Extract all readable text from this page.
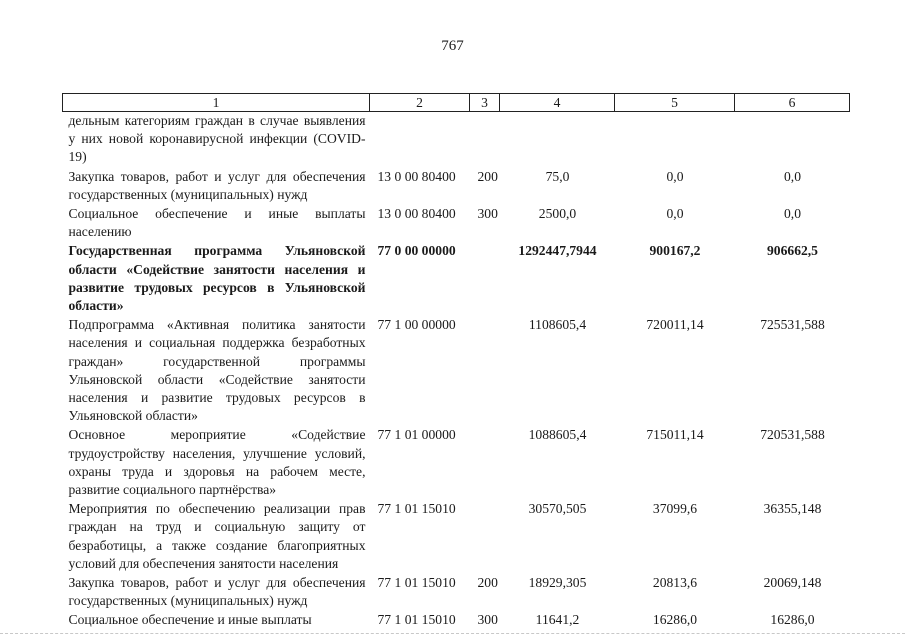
767
1	2	3	4	5	6
дельным категориям граждан в случае выявления у них новой коронавирусной инфекции (COVID-19)					
Закупка товаров, работ и услуг для обеспечения государственных (муниципальных) нужд	13 0 00 80400	200	75,0	0,0	0,0
Социальное обеспечение и иные выплаты населению	13 0 00 80400	300	2500,0	0,0	0,0
Государственная программа Ульяновской области «Содействие занятости населения и развитие трудовых ресурсов в Ульяновской области»	77 0 00 00000		1292447,7944	900167,2	906662,5
Подпрограмма «Активная политика занятости населения и социальная поддержка безработных граждан» государственной программы Ульяновской области «Содействие занятости населения и развитие трудовых ресурсов в Ульяновской области»	77 1 00 00000		1108605,4	720011,14	725531,588
Основное мероприятие «Содействие трудоустройству населения, улучшение условий, охраны труда и здоровья на рабочем месте, развитие социального партнёрства»	77 1 01 00000		1088605,4	715011,14	720531,588
Мероприятия по обеспечению реализации прав граждан на труд и социальную защиту от безработицы, а также создание благоприятных условий для обеспечения занятости населения	77 1 01 15010		30570,505	37099,6	36355,148
Закупка товаров, работ и услуг для обеспечения государственных (муниципальных) нужд	77 1 01 15010	200	18929,305	20813,6	20069,148
Социальное обеспечение и иные выплаты	77 1 01 15010	300	11641,2	16286,0	16286,0
